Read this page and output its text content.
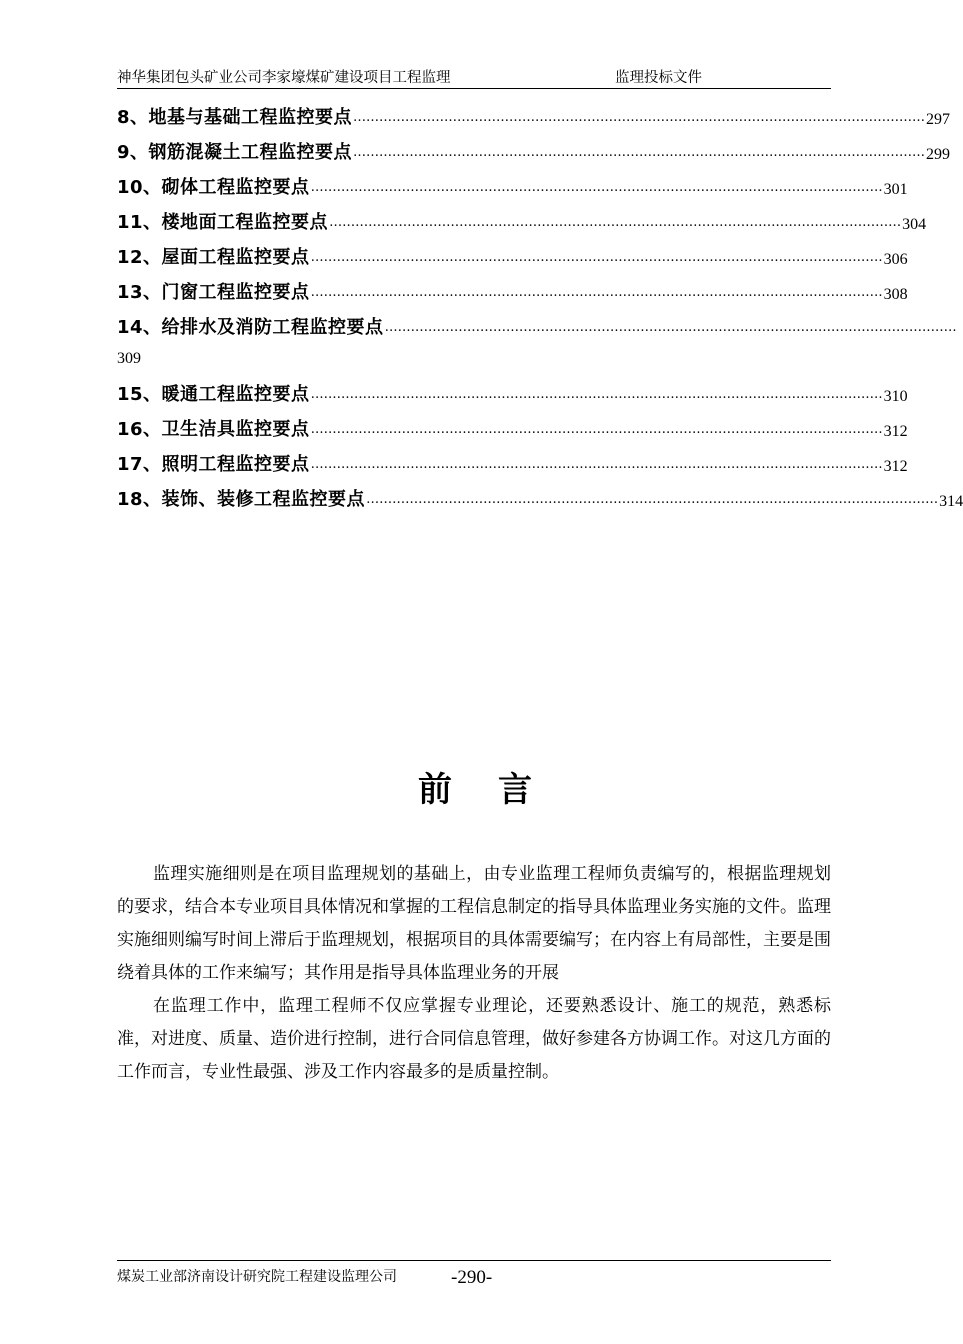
神华集团包头矿业公司李家壕煤矿建设项目工程监理	监理投标文件
8、地基与基础工程监控要点 …………………………………………………………………………………………………………………… 297
9、钢筋混凝土工程监控要点 …………………………………………………………………………………………………………………… 299
10、砌体工程监控要点 …………………………………………………………………………………………………………………… 301
11、楼地面工程监控要点 …………………………………………………………………………………………………………………… 304
12、屋面工程监控要点 …………………………………………………………………………………………………………………… 306
13、门窗工程监控要点 …………………………………………………………………………………………………………………… 308
14、给排水及消防工程监控要点 ……………………………………………………………………………………………………………………
309
15、暖通工程监控要点 …………………………………………………………………………………………………………………… 310
16、卫生洁具监控要点 …………………………………………………………………………………………………………………… 312
17、照明工程监控要点 …………………………………………………………………………………………………………………… 312
18、装饰、装修工程监控要点 …………………………………………………………………………………………………………………… 314
前言

监理实施细则是在项目监理规划的基础上，由专业监理工程师负责编写的，根据监理规划的要求，结合本专业项目具体情况和掌握的工程信息制定的指导具体监理业务实施的文件。监理实施细则编写时间上滞后于监理规划，根据项目的具体需要编写；在内容上有局部性，主要是围绕着具体的工作来编写；其作用是指导具体监理业务的开展

在监理工作中，监理工程师不仅应掌握专业理论，还要熟悉设计、施工的规范，熟悉标准，对进度、质量、造价进行控制，进行合同信息管理，做好参建各方协调工作。对这几方面的工作而言，专业性最强、涉及工作内容最多的是质量控制。

煤炭工业部济南设计研究院工程建设监理公司	-290-
